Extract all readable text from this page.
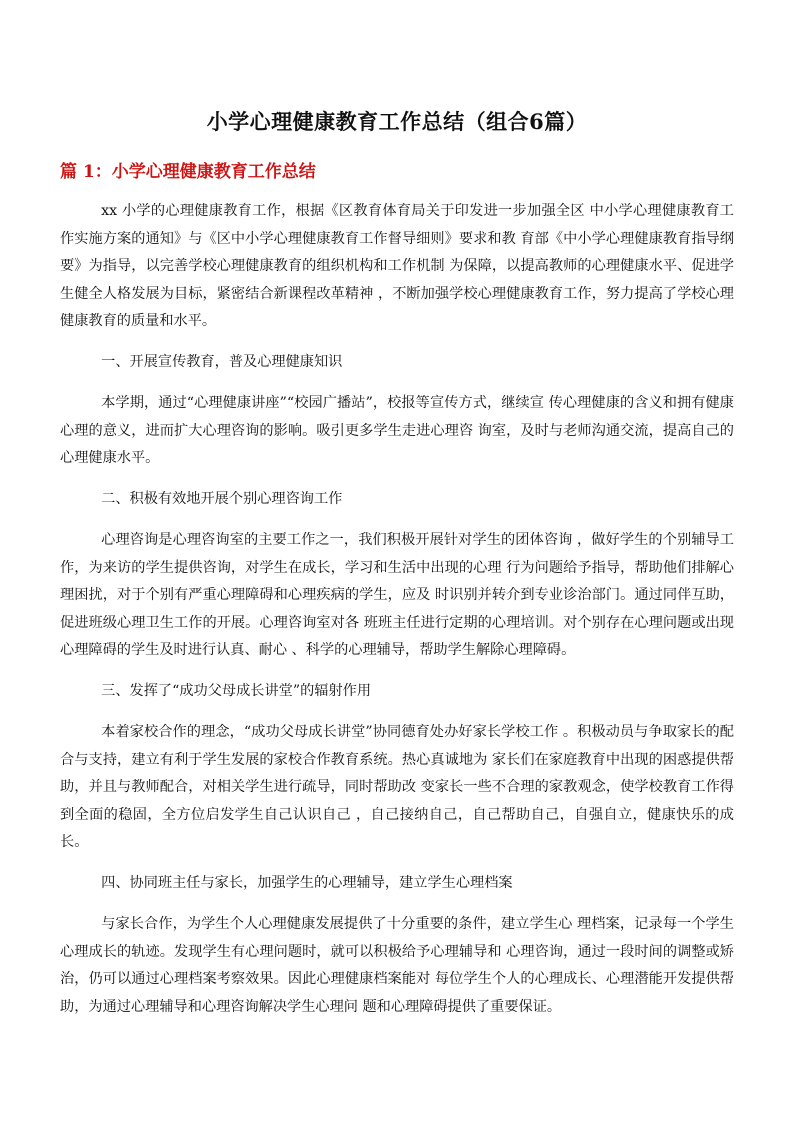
小学心理健康教育工作总结（组合6篇）
篇 1：小学心理健康教育工作总结

xx 小学的心理健康教育工作，根据《区教育体育局关于印发进一步加强全区 中小学心理健康教育工作实施方案的通知》与《区中小学心理健康教育工作督导细则》要求和教 育部《中小学心理健康教育指导纲要》为指导，以完善学校心理健康教育的组织机构和工作机制 为保障，以提高教师的心理健康水平、促进学生健全人格发展为目标，紧密结合新课程改革精神 ，不断加强学校心理健康教育工作，努力提高了学校心理健康教育的质量和水平。

一、开展宣传教育，普及心理健康知识

本学期，通过“心理健康讲座”“校园广播站”，校报等宣传方式，继续宣 传心理健康的含义和拥有健康心理的意义，进而扩大心理咨询的影响。吸引更多学生走进心理咨 询室，及时与老师沟通交流，提高自己的心理健康水平。

二、积极有效地开展个别心理咨询工作

心理咨询是心理咨询室的主要工作之一，我们积极开展针对学生的团体咨询 ，做好学生的个别辅导工作，为来访的学生提供咨询，对学生在成长，学习和生活中出现的心理 行为问题给予指导，帮助他们排解心理困扰，对于个别有严重心理障碍和心理疾病的学生，应及 时识别并转介到专业诊治部门。通过同伴互助，促进班级心理卫生工作的开展。心理咨询室对各 班班主任进行定期的心理培训。对个别存在心理问题或出现心理障碍的学生及时进行认真、耐心 、科学的心理辅导，帮助学生解除心理障碍。

三、发挥了“成功父母成长讲堂”的辐射作用

本着家校合作的理念，“成功父母成长讲堂”协同德育处办好家长学校工作 。积极动员与争取家长的配合与支持，建立有利于学生发展的家校合作教育系统。热心真诚地为 家长们在家庭教育中出现的困惑提供帮助，并且与教师配合，对相关学生进行疏导，同时帮助改 变家长一些不合理的家教观念，使学校教育工作得到全面的稳固，全方位启发学生自己认识自己 ，自己接纳自己，自己帮助自己，自强自立，健康快乐的成长。

四、协同班主任与家长，加强学生的心理辅导，建立学生心理档案

与家长合作，为学生个人心理健康发展提供了十分重要的条件，建立学生心 理档案，记录每一个学生心理成长的轨迹。发现学生有心理问题时，就可以积极给予心理辅导和 心理咨询，通过一段时间的调整或矫治，仍可以通过心理档案考察效果。因此心理健康档案能对 每位学生个人的心理成长、心理潜能开发提供帮助，为通过心理辅导和心理咨询解决学生心理问 题和心理障碍提供了重要保证。
